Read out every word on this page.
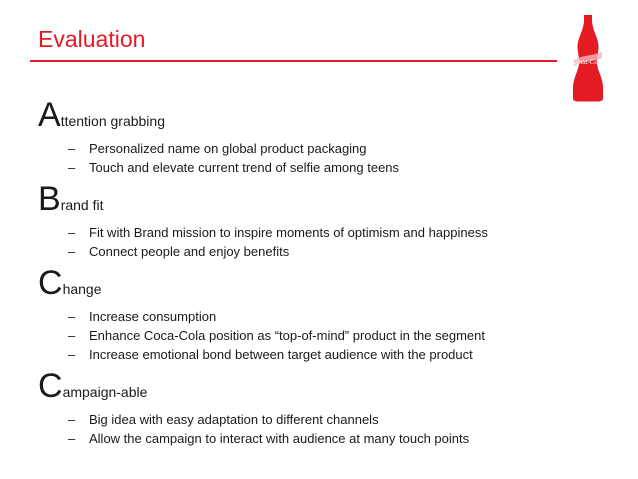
Evaluation
Coca-Cola
A ttention grabbing
–	Personalized name on global product packaging
–	Touch and elevate current trend of selfie among teens
B rand fit
–	Fit with Brand mission to inspire moments of optimism and happiness
–	Connect people and enjoy benefits
C hange
–	Increase consumption
–	Enhance Coca-Cola position as “top-of-mind” product in the segment
–	Increase emotional bond between target audience with the product
C ampaign-able
–	Big idea with easy adaptation to different channels
–	Allow the campaign to interact with audience at many touch points
